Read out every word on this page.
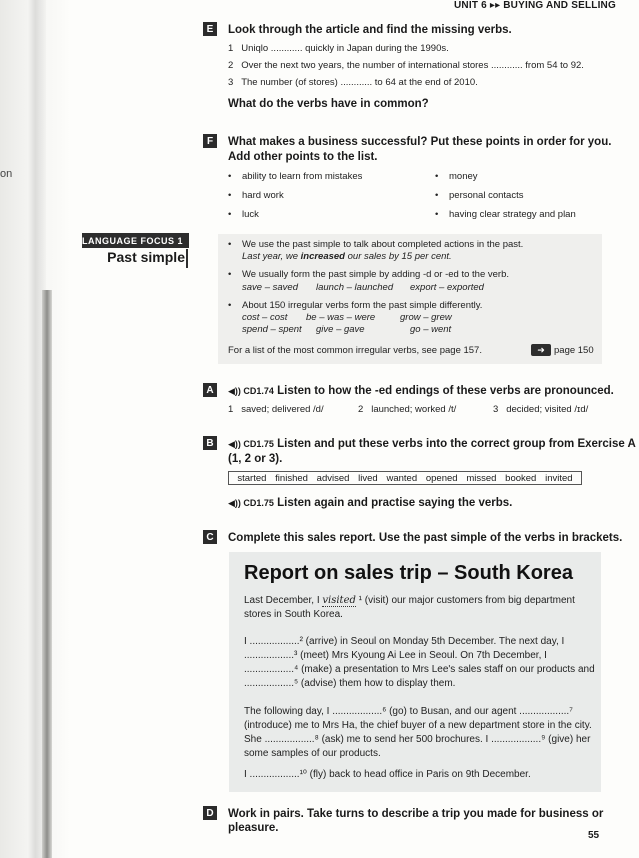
on
UNIT 6 ▸▸ BUYING AND SELLING
E	Look through the article and find the missing verbs.
1 Uniqlo ............ quickly in Japan during the 1990s.
2 Over the next two years, the number of international stores ............ from 54 to 92.
3 The number (of stores) ............ to 64 at the end of 2010.
What do the verbs have in common?
F	What makes a business successful? Put these points in order for you.
Add other points to the list.
• ability to learn from mistakes
• hard work
• luck
• money
• personal contacts
• having clear strategy and plan
LANGUAGE FOCUS 1
Past simple
• We use the past simple to talk about completed actions in the past.
Last year, we increased our sales by 15 per cent.
• We usually form the past simple by adding -d or -ed to the verb.
save – saved launch – launched export – exported
• About 150 irregular verbs form the past simple differently.
cost – cost be – was – were	grow – grew
spend – spent give – gave	go – went
For a list of the most common irregular verbs, see page 157.	➜ page 150
A	◀)) CD1.74 Listen to how the -ed endings of these verbs are pronounced.
1 saved; delivered /d/	2 launched; worked /t/	3 decided; visited /ɪd/
B	◀)) CD1.75 Listen and put these verbs into the correct group from Exercise A
(1, 2 or 3).
started finished advised lived wanted opened missed booked invited
◀)) CD1.75 Listen again and practise saying the verbs.
C Complete this sales report. Use the past simple of the verbs in brackets.
Report on sales trip – South Korea
Last December, I visited ¹ (visit) our major customers from big department stores in South Korea.
I ..................² (arrive) in Seoul on Monday 5th December. The next day, I ..................³ (meet) Mrs Kyoung Ai Lee in Seoul. On 7th December, I ..................⁴ (make) a presentation to Mrs Lee's sales staff on our products and ..................⁵ (advise) them how to display them.
The following day, I ..................⁶ (go) to Busan, and our agent ..................⁷ (introduce) me to Mrs Ha, the chief buyer of a new department store in the city. She ..................⁸ (ask) me to send her 500 brochures. I ..................⁹ (give) her some samples of our products.
I ..................¹⁰ (fly) back to head office in Paris on 9th December.
D Work in pairs. Take turns to describe a trip you made for business or pleasure.
55
